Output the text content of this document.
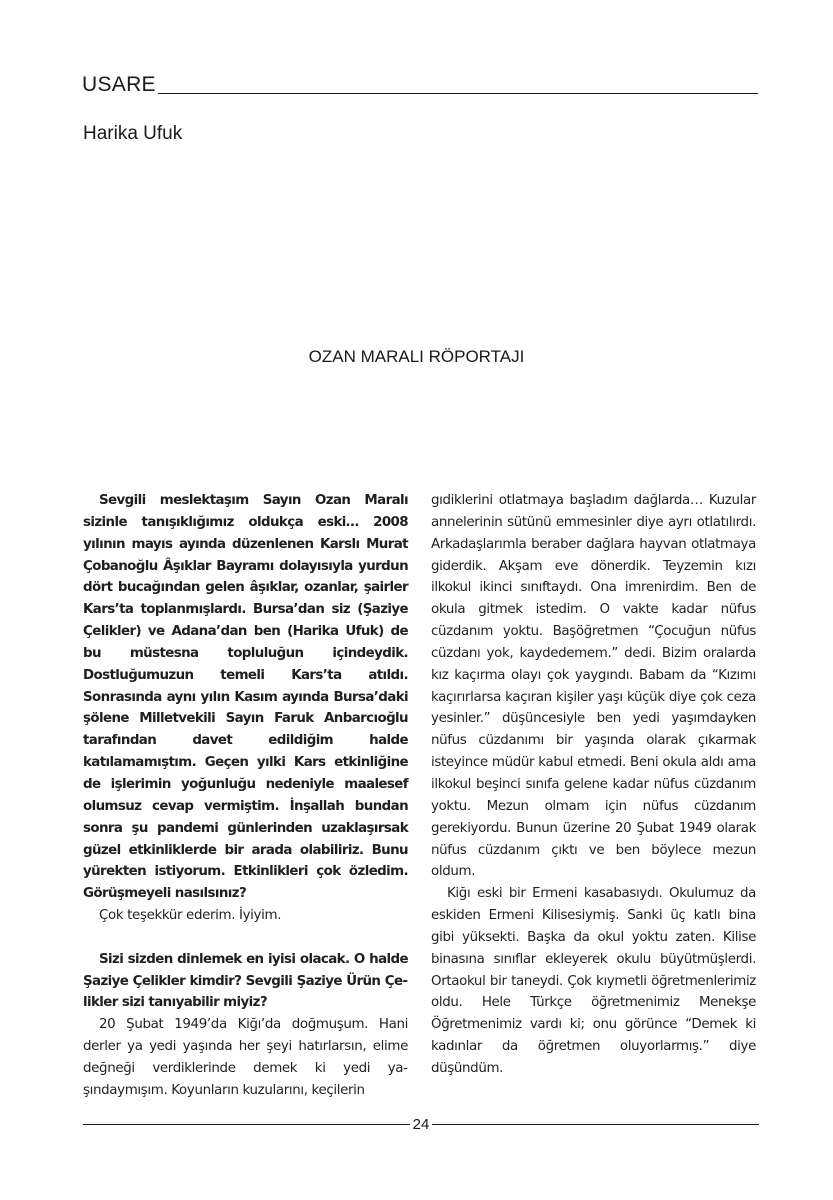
USARE
Harika Ufuk
OZAN MARALI RÖPORTAJI

Sevgili meslektaşım Sayın Ozan Maralı sizinle tanışıklığımız oldukça eski… 2008 yılının mayıs ayında düzenlenen Karslı Murat Çobanoğlu Âşıklar Bayramı dolayısıyla yurdun dört bucağından gelen âşıklar, ozanlar, şairler Kars’ta toplanmışlardı. Bursa’dan siz (Şaziye Çelikler) ve Adana’dan ben (Harika Ufuk) de bu müstesna topluluğun içindeydik. Dostluğumuzun temeli Kars’ta atıldı. Sonrasında aynı yılın Kasım ayında Bursa’daki şölene Milletvekili Sayın Faruk Anbarcıoğlu tarafından davet edildiğim halde katılamamıştım. Geçen yılki Kars etkinliğine de işlerimin yoğunluğu nedeniyle maalesef olumsuz cevap vermiştim. İnşallah bundan sonra şu pandemi günlerinden uzaklaşırsak güzel etkinliklerde bir arada olabiliriz. Bunu yürekten istiyorum. Etkinlikleri çok özledim. Görüşmeyeli nasılsınız?

Çok teşekkür ederim. İyiyim.

Sizi sizden dinlemek en iyisi olacak. O halde Şaziye Çelikler kimdir? Sevgili Şaziye Ürün Çelikler sizi tanıyabilir miyiz?

20 Şubat 1949’da Kiğı’da doğmuşum. Hani derler ya yedi yaşında her şeyi hatırlarsın, elime değneği verdiklerinde demek ki yedi yaşındaymışım. Koyunların kuzularını, keçilerin

gıdiklerini otlatmaya başladım dağlarda… Kuzular annelerinin sütünü emmesinler diye ayrı otlatılırdı. Arkadaşlarımla beraber dağlara hayvan otlatmaya giderdik. Akşam eve dönerdik. Teyzemin kızı ilkokul ikinci sınıftaydı. Ona imrenirdim. Ben de okula gitmek istedim. O vakte kadar nüfus cüzdanım yoktu. Başöğretmen “Çocuğun nüfus cüzdanı yok, kaydedemem.” dedi. Bizim oralarda kız kaçırma olayı çok yaygındı. Babam da “Kızımı kaçırırlarsa kaçıran kişiler yaşı küçük diye çok ceza yesinler.” düşüncesiyle ben yedi yaşımdayken nüfus cüzdanımı bir yaşında olarak çıkarmak isteyince müdür kabul etmedi. Beni okula aldı ama ilkokul beşinci sınıfa gelene kadar nüfus cüzdanım yoktu. Mezun olmam için nüfus cüzdanım gerekiyordu. Bunun üzerine 20 Şubat 1949 olarak nüfus cüzdanım çıktı ve ben böylece mezun oldum.

Kiğı eski bir Ermeni kasabasıydı. Okulumuz da eskiden Ermeni Kilisesiymiş. Sanki üç katlı bina gibi yüksekti. Başka da okul yoktu zaten. Kilise binasına sınıflar ekleyerek okulu büyütmüşlerdi. Ortaokul bir taneydi. Çok kıymetli öğretmenlerimiz oldu. Hele Türkçe öğretmenimiz Menekşe Öğretmenimiz vardı ki; onu görünce “Demek ki kadınlar da öğretmen oluyorlarmış.” diye düşündüm.

24
